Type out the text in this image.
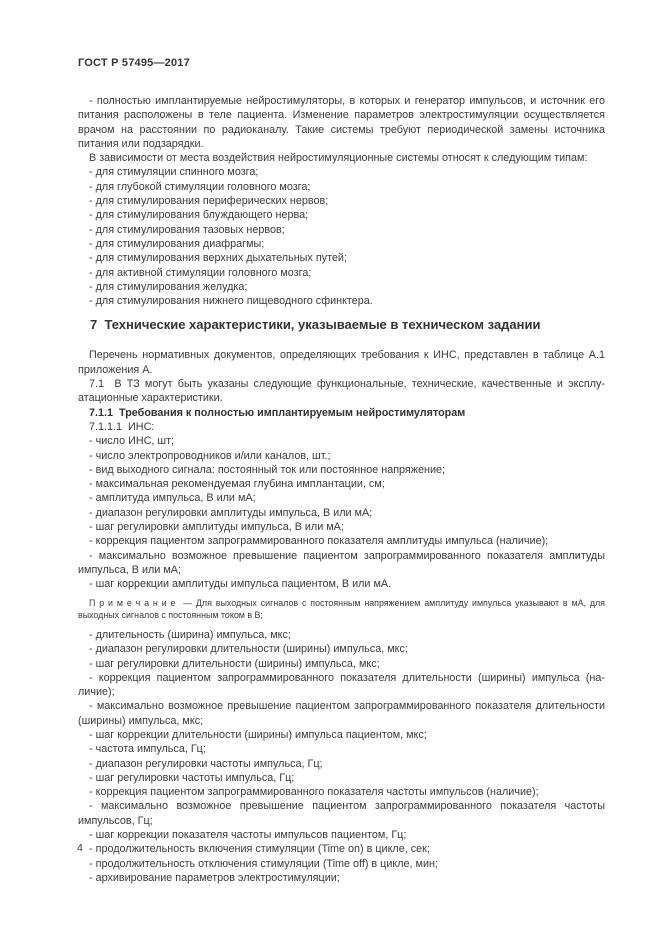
ГОСТ Р 57495—2017

- полностью имплантируемые нейростимуляторы, в которых и генератор импульсов, и источник его питания расположены в теле пациента. Изменение параметров электростимуляции осуществляется врачом на расстоянии по радиоканалу. Такие системы требуют периодической замены источника питания или подзарядки.

В зависимости от места воздействия нейростимуляционные системы относят к следующим типам:

- для стимуляции спинного мозга;

- для глубокой стимуляции головного мозга;

- для стимулирования периферических нервов;

- для стимулирования блуждающего нерва;

- для стимулирования тазовых нервов;

- для стимулирования диафрагмы;

- для стимулирования верхних дыхательных путей;

- для активной стимуляции головного мозга;

- для стимулирования желудка;

- для стимулирования нижнего пищеводного сфинктера.

7  Технические характеристики, указываемые в техническом задании

Перечень нормативных документов, определяющих требования к ИНС, представлен в таблице А.1 приложения А.

7.1  В ТЗ могут быть указаны следующие функциональные, технические, качественные и эксплуатационные характеристики.

7.1.1  Требования к полностью имплантируемым нейростимуляторам

7.1.1.1  ИНС:

- число ИНС, шт;

- число электропроводников и/или каналов, шт.;

- вид выходного сигнала: постоянный ток или постоянное напряжение;

- максимальная рекомендуемая глубина имплантации, см;

- амплитуда импульса, В или мА;

- диапазон регулировки амплитуды импульса, В или мА;

- шаг регулировки амплитуды импульса, В или мА;

- коррекция пациентом запрограммированного показателя амплитуды импульса (наличие);

- максимально возможное превышение пациентом запрограммированного показателя амплитуды импульса, В или мА;

- шаг коррекции амплитуды импульса пациентом, В или мА.

П р и м е ч а н и е  — Для выходных сигналов с постоянным напряжением амплитуду импульса указывают в мА, для выходных сигналов с постоянным током в В;

- длительность (ширина) импульса, мкс;

- диапазон регулировки длительности (ширины) импульса, мкс;

- шаг регулировки длительности (ширины) импульса, мкс;

- коррекция пациентом запрограммированного показателя длительности (ширины) импульса (наличие);

- максимально возможное превышение пациентом запрограммированного показателя длительности (ширины) импульса, мкс;

- шаг коррекции длительности (ширины) импульса пациентом, мкс;

- частота импульса, Гц;

- диапазон регулировки частоты импульса, Гц;

- шаг регулировки частоты импульса, Гц;

- коррекция пациентом запрограммированного показателя частоты импульсов (наличие);

- максимально возможное превышение пациентом запрограммированного показателя частоты импульсов, Гц;

- шаг коррекции показателя частоты импульсов пациентом, Гц;

- продолжительность включения стимуляции (Time on) в цикле, сек;

- продолжительность отключения стимуляции (Time off) в цикле, мин;

- архивирование параметров электростимуляции;

4
